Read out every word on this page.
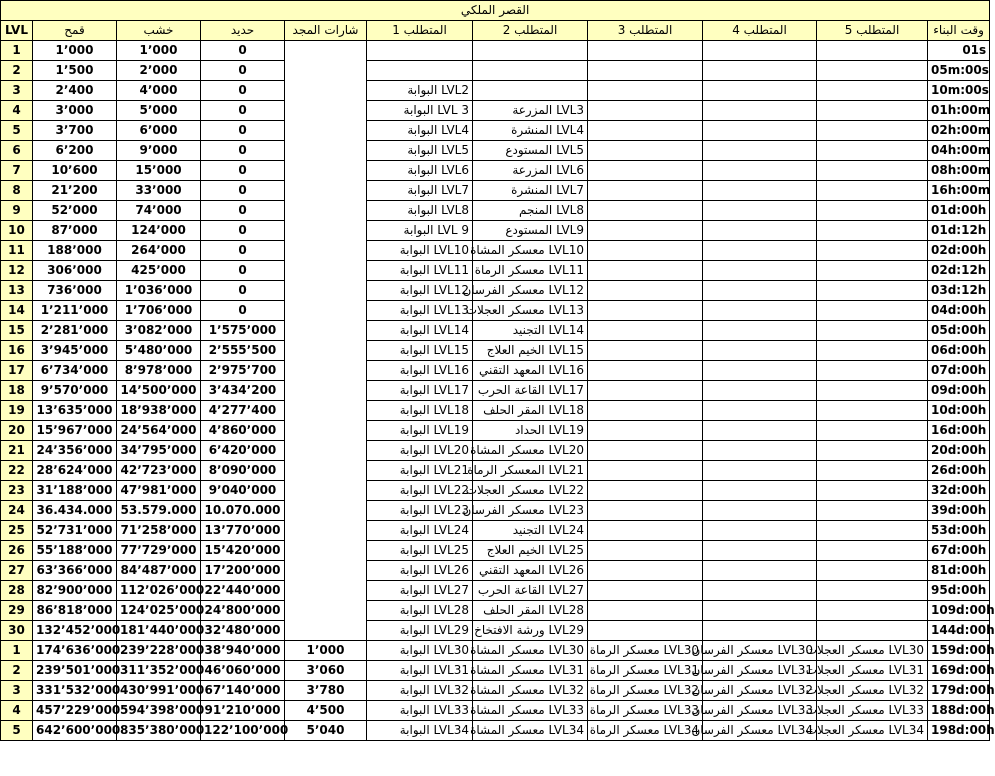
القصر الملكي										
LVL	قمح	خشب	حديد	شارات المجد	المتطلب 1	المتطلب 2	المتطلب 3	المتطلب 4	المتطلب 5	وقت البناء
1	1٬000	1٬000	0							01s
2	1٬500	2٬000	0							05m:00s
3	2٬400	4٬000	0		LVL2 البوابة					10m:00s
4	3٬000	5٬000	0		LVL 3 البوابة	LVL3 المزرعة				01h:00m
5	3٬700	6٬000	0		LVL4 البوابة	LVL4 المنشرة				02h:00m
6	6٬200	9٬000	0		LVL5 البوابة	LVL5 المستودع				04h:00m
7	10٬600	15٬000	0		LVL6 البوابة	LVL6 المزرعة				08h:00m
8	21٬200	33٬000	0		LVL7 البوابة	LVL7 المنشرة				16h:00m
9	52٬000	74٬000	0		LVL8 البوابة	LVL8 المنجم				01d:00h
10	87٬000	124٬000	0		LVL 9 البوابة	LVL9 المستودع				01d:12h
11	188٬000	264٬000	0		LVL10 البوابة	LVL10 معسكر المشاة				02d:00h
12	306٬000	425٬000	0		LVL11 البوابة	LVL11 معسكر الرماة				02d:12h
13	736٬000	1٬036٬000	0		LVL12 البوابة	LVL12 معسكر الفرسان				03d:12h
14	1٬211٬000	1٬706٬000	0		LVL13 البوابة	LVL13 معسكر العجلات				04d:00h
15	2٬281٬000	3٬082٬000	1٬575٬000		LVL14 البوابة	LVL14 التجنيد				05d:00h
16	3٬945٬000	5٬480٬000	2٬555٬500		LVL15 البوابة	LVL15 الخيم العلاج				06d:00h
17	6٬734٬000	8٬978٬000	2٬975٬700		LVL16 البوابة	LVL16 المعهد التقني				07d:00h
18	9٬570٬000	14٬500٬000	3٬434٬200		LVL17 البوابة	LVL17 القاعة الحرب				09d:00h
19	13٬635٬000	18٬938٬000	4٬277٬400		LVL18 البوابة	LVL18 المقر الحلف				10d:00h
20	15٬967٬000	24٬564٬000	4٬860٬000		LVL19 البوابة	LVL19 الحداد				16d:00h
21	24٬356٬000	34٬795٬000	6٬420٬000		LVL20 البوابة	LVL20 معسكر المشاة				20d:00h
22	28٬624٬000	42٬723٬000	8٬090٬000		LVL21 البوابة	LVL21 المعسكر الرماة				26d:00h
23	31٬188٬000	47٬981٬000	9٬040٬000		LVL22 البوابة	LVL22 معسكر العجلات				32d:00h
24	36.434.000	53.579.000	10.070.000		LVL23 البوابة	LVL23 معسكر الفرسان				39d:00h
25	52٬731٬000	71٬258٬000	13٬770٬000		LVL24 البوابة	LVL24 التجنيد				53d:00h
26	55٬188٬000	77٬729٬000	15٬420٬000		LVL25 البوابة	LVL25 الخيم العلاج				67d:00h
27	63٬366٬000	84٬487٬000	17٬200٬000		LVL26 البوابة	LVL26 المعهد التقني				81d:00h
28	82٬900٬000	112٬026٬000	22٬440٬000		LVL27 البوابة	LVL27 القاعة الحرب				95d:00h
29	86٬818٬000	124٬025٬000	24٬800٬000		LVL28 البوابة	LVL28 المقر الحلف				109d:00h
30	132٬452٬000	181٬440٬000	32٬480٬000		LVL29 البوابة	LVL29 ورشة الافتخاخ				144d:00h
1	174٬636٬000	239٬228٬000	38٬940٬000	1٬000	LVL30 البوابة	LVL30 معسكر المشاة	LVL30 معسكر الرماة	LVL30 معسكر الفرسان	LVL30 معسكر العجلات	159d:00h
2	239٬501٬000	311٬352٬000	46٬060٬000	3٬060	LVL31 البوابة	LVL31 معسكر المشاة	LVL31 معسكر الرماة	LVL31 معسكر الفرسان	LVL31 معسكر العجلات	169d:00h
3	331٬532٬000	430٬991٬000	67٬140٬000	3٬780	LVL32 البوابة	LVL32 معسكر المشاة	LVL32 معسكر الرماة	LVL32 معسكر الفرسان	LVL32 معسكر العجلات	179d:00h
4	457٬229٬000	594٬398٬000	91٬210٬000	4٬500	LVL33 البوابة	LVL33 معسكر المشاة	LVL33 معسكر الرماة	LVL33 معسكر الفرسان	LVL33 معسكر العجلات	188d:00h
5	642٬600٬000	835٬380٬000	122٬100٬000	5٬040	LVL34 البوابة	LVL34 معسكر المشاة	LVL34 معسكر الرماة	LVL34 معسكر الفرسان	LVL34 معسكر العجلات	198d:00h
